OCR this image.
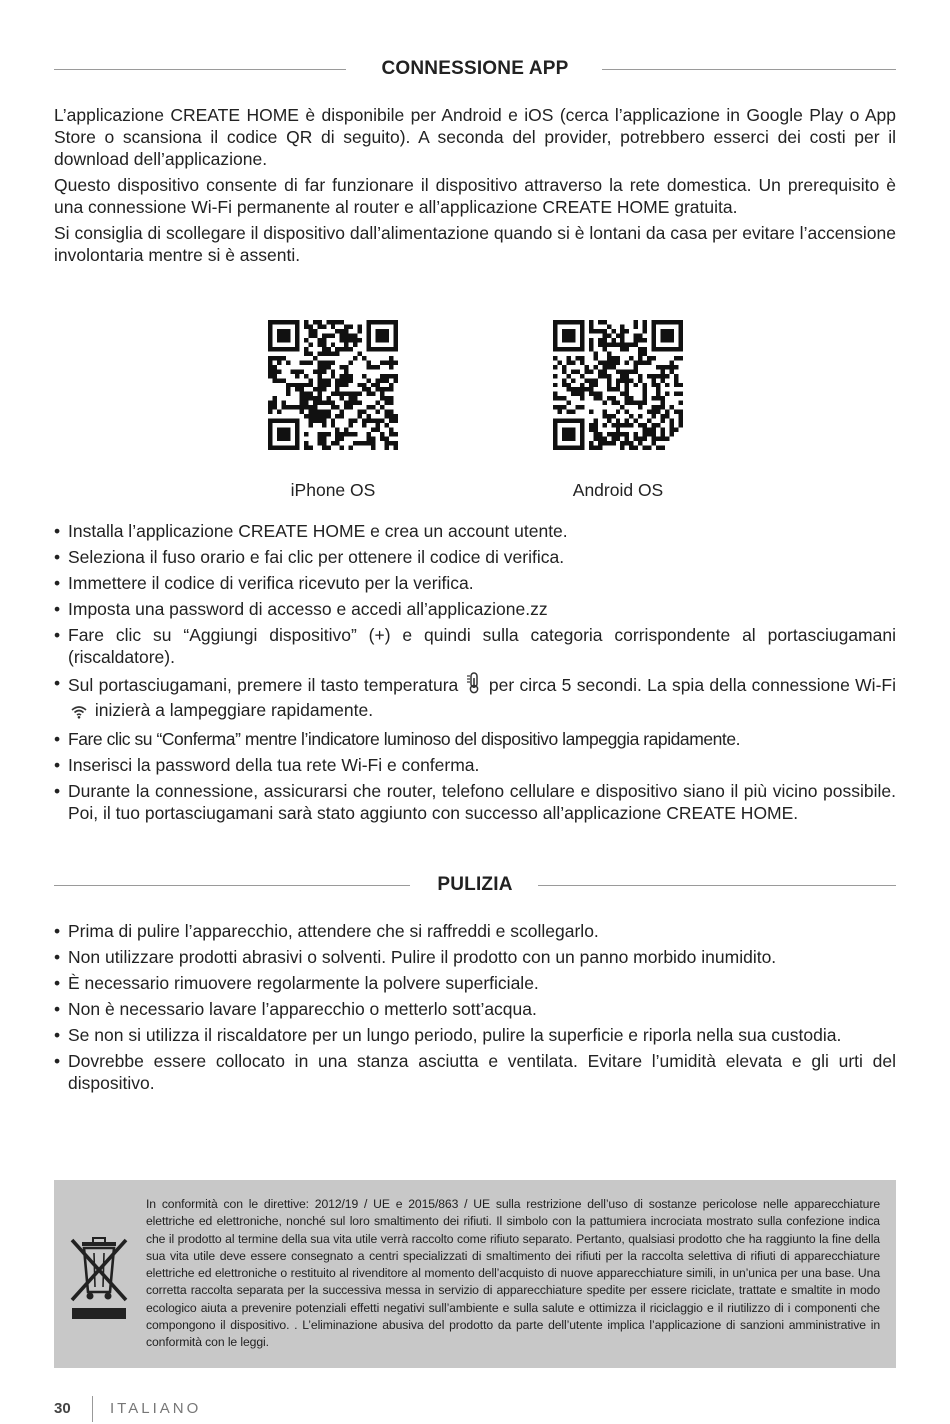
CONNESSIONE APP

L’applicazione CREATE HOME è disponibile per Android e iOS (cerca l’applicazione in Google Play o App Store o scansiona il codice QR di seguito). A seconda del provider, potrebbero esserci dei costi per il download dell’applicazione.

Questo dispositivo consente di far funzionare il dispositivo attraverso la rete domestica. Un prerequisito è una connessione Wi-Fi permanente al router e all’applicazione CREATE HOME gratuita.

Si consiglia di scollegare il dispositivo dall’alimentazione quando si è lontani da casa per evitare l’accensione involontaria mentre si è assenti.

iPhone OS	Android OS
• Installa l’applicazione CREATE HOME e crea un account utente.
• Seleziona il fuso orario e fai clic per ottenere il codice di verifica.
• Immettere il codice di verifica ricevuto per la verifica.
• Imposta una password di accesso e accedi all’applicazione.zz
• Fare clic su “Aggiungi dispositivo” (+) e quindi sulla categoria corrispondente al portasciugamani (riscaldatore).
• Sul portasciugamani, premere il tasto temperatura per circa 5 secondi. La spia della connessione Wi-Fi  inizierà a lampeggiare rapidamente.
• Fare clic su “Conferma” mentre l’indicatore luminoso del dispositivo lampeggia rapidamente.
• Inserisci la password della tua rete Wi-Fi e conferma.
• Durante la connessione, assicurarsi che router, telefono cellulare e dispositivo siano il più vicino possibile. Poi, il tuo portasciugamani sarà stato aggiunto con successo all’applicazione CREATE HOME.
PULIZIA
• Prima di pulire l’apparecchio, attendere che si raffreddi e scollegarlo.
• Non utilizzare prodotti abrasivi o solventi. Pulire il prodotto con un panno morbido inumidito.
• È necessario rimuovere regolarmente la polvere superficiale.
• Non è necessario lavare l’apparecchio o metterlo sott’acqua.
• Se non si utilizza il riscaldatore per un lungo periodo, pulire la superficie e riporla nella sua custodia.
• Dovrebbe essere collocato in una stanza asciutta e ventilata. Evitare l’umidità elevata e gli urti del dispositivo.
In conformità con le direttive: 2012/19 / UE e 2015/863 / UE sulla restrizione dell’uso di sostanze pericolose nelle apparecchiature elettriche ed elettroniche, nonché sul loro smaltimento dei rifiuti. Il simbolo con la pattumiera incrociata mostrato sulla confezione indica che il prodotto al termine della sua vita utile verrà raccolto come rifiuto separato. Pertanto, qualsiasi prodotto che ha raggiunto la fine della sua vita utile deve essere consegnato a centri specializzati di smaltimento dei rifiuti per la raccolta selettiva di rifiuti di apparecchiature elettriche ed elettroniche o restituito al rivenditore al momento dell’acquisto di nuove apparecchiature simili, in un’unica per una base. Una corretta raccolta separata per la successiva messa in servizio di apparecchiature spedite per essere riciclate, trattate e smaltite in modo ecologico aiuta a prevenire potenziali effetti negativi sull’ambiente e sulla salute e ottimizza il riciclaggio e il riutilizzo di i componenti che compongono il dispositivo. . L’eliminazione abusiva del prodotto da parte dell’utente implica l’applicazione di sanzioni amministrative in conformità con le leggi.
30	ITALIANO
